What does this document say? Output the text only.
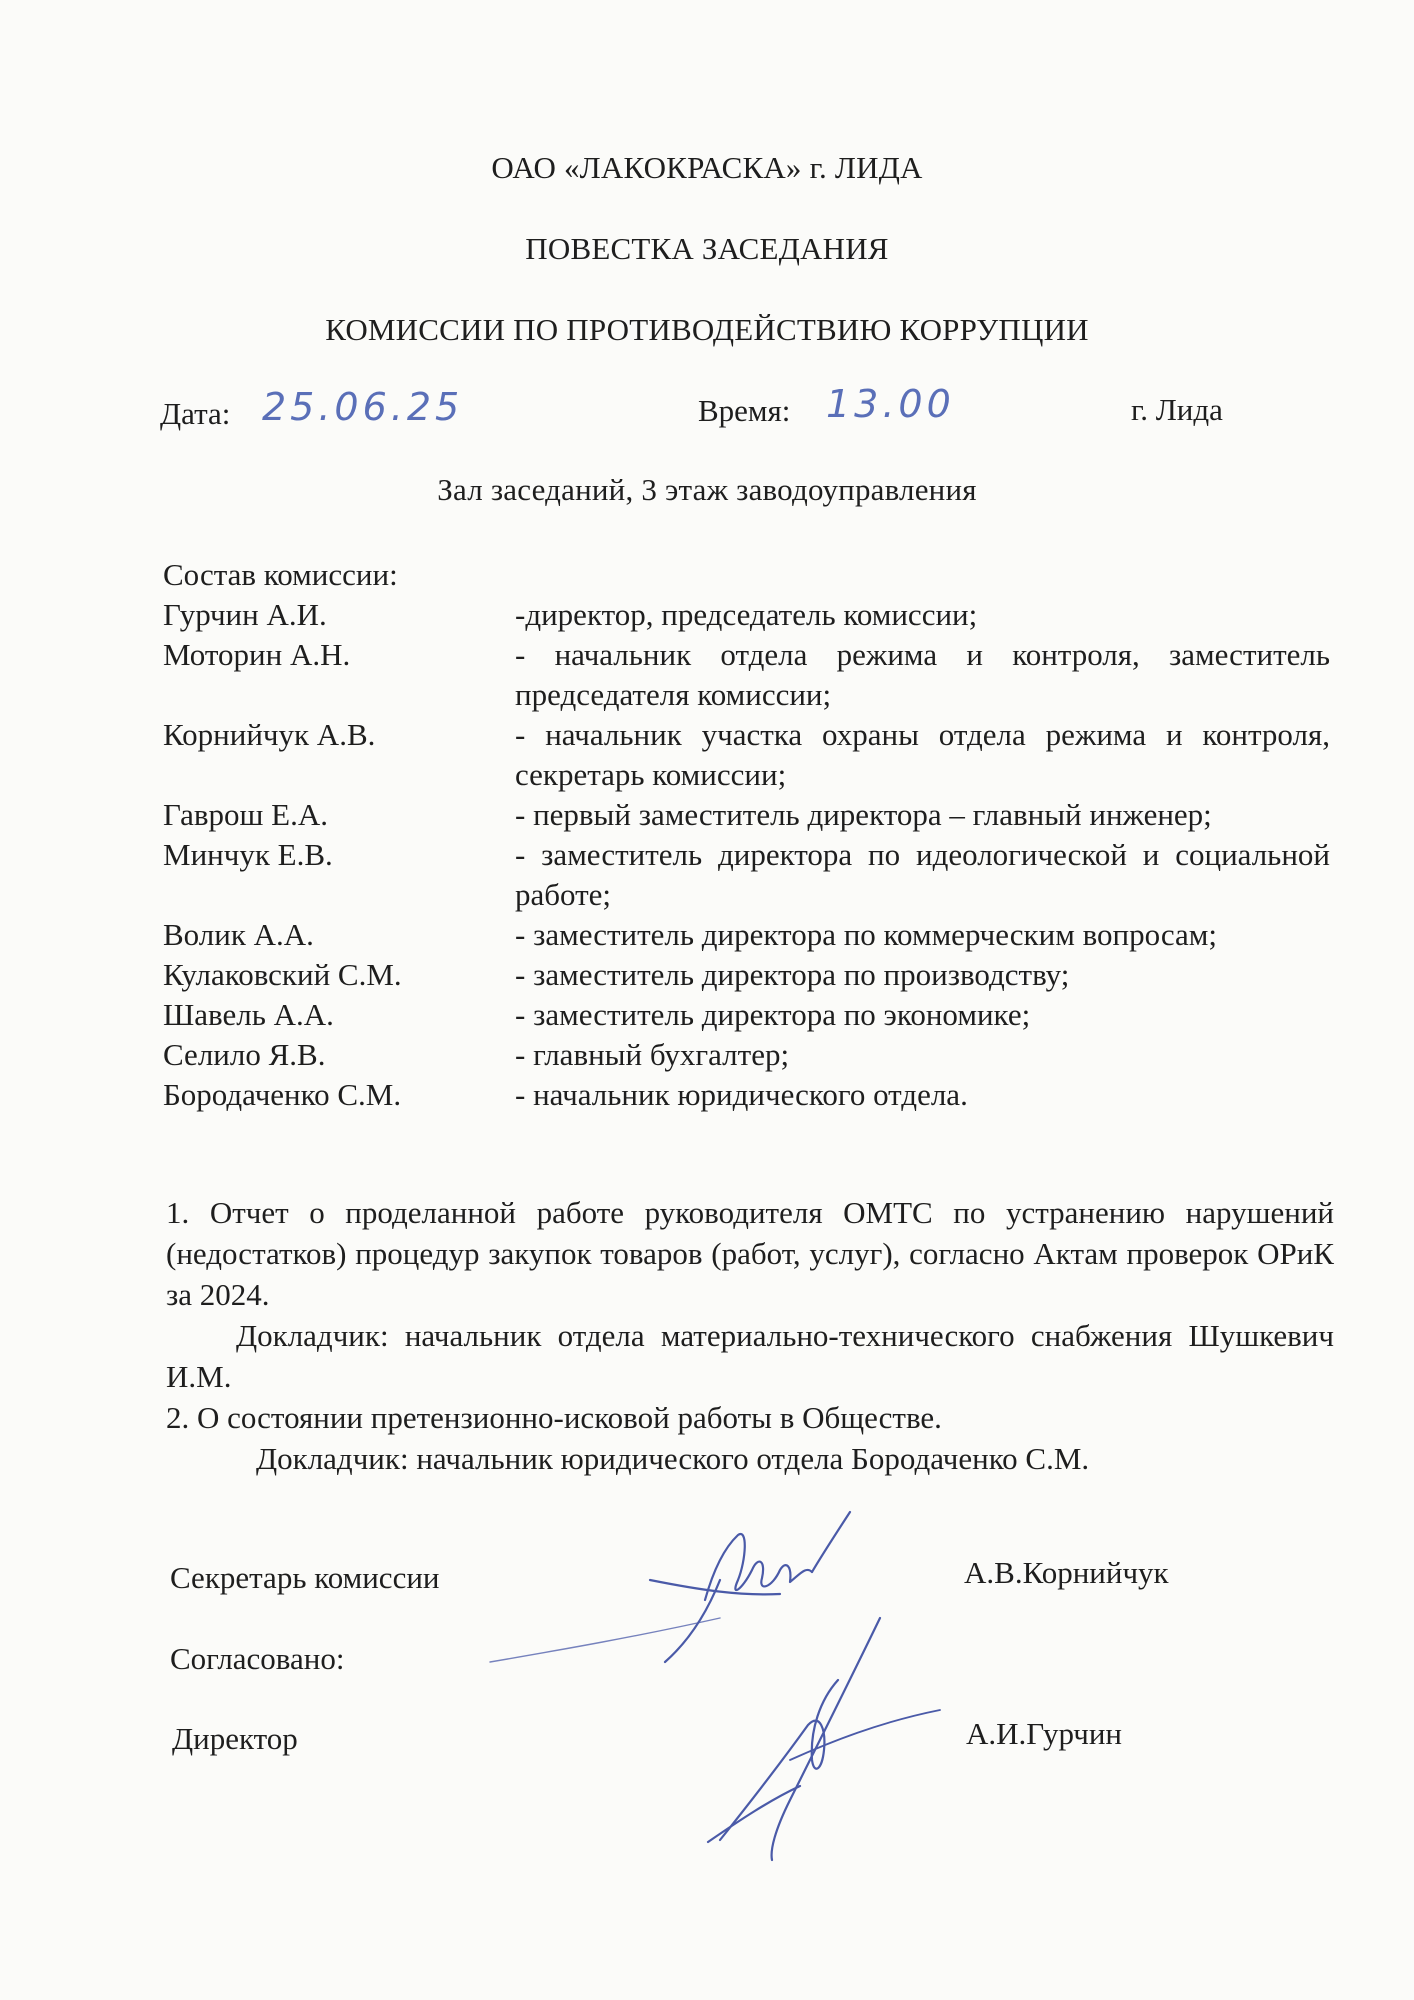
ОАО «ЛАКОКРАСКА» г. ЛИДА
ПОВЕСТКА ЗАСЕДАНИЯ
КОМИССИИ ПО ПРОТИВОДЕЙСТВИЮ КОРРУПЦИИ
Дата: 25.06.25	Время: 13.00	г. Лида
Зал заседаний, 3 этаж заводоуправления
Состав комиссии:
Гурчин А.И.	-директор, председатель комиссии;
Моторин А.Н.	- начальник отдела режима и контроля, заместитель председателя комиссии;
Корнийчук А.В.	- начальник участка охраны отдела режима и контроля, секретарь комиссии;
Гаврош Е.А.	- первый заместитель директора – главный инженер;
Минчук Е.В.	- заместитель директора по идеологической и социальной работе;
Волик А.А.	- заместитель директора по коммерческим вопросам;
Кулаковский С.М.	- заместитель директора по производству;
Шавель А.А.	- заместитель директора по экономике;
Селило Я.В.	- главный бухгалтер;
Бородаченко С.М.	- начальник юридического отдела.

1. Отчет о проделанной работе руководителя ОМТС по устранению нарушений (недостатков) процедур закупок товаров (работ, услуг), согласно Актам проверок ОРиК за 2024.

Докладчик: начальник отдела материально-технического снабжения Шушкевич И.М.

2. О состоянии претензионно-исковой работы в Обществе.

Докладчик: начальник юридического отдела Бородаченко С.М.

Секретарь комиссии	А.В.Корнийчук
Согласовано:
Директор	А.И.Гурчин
